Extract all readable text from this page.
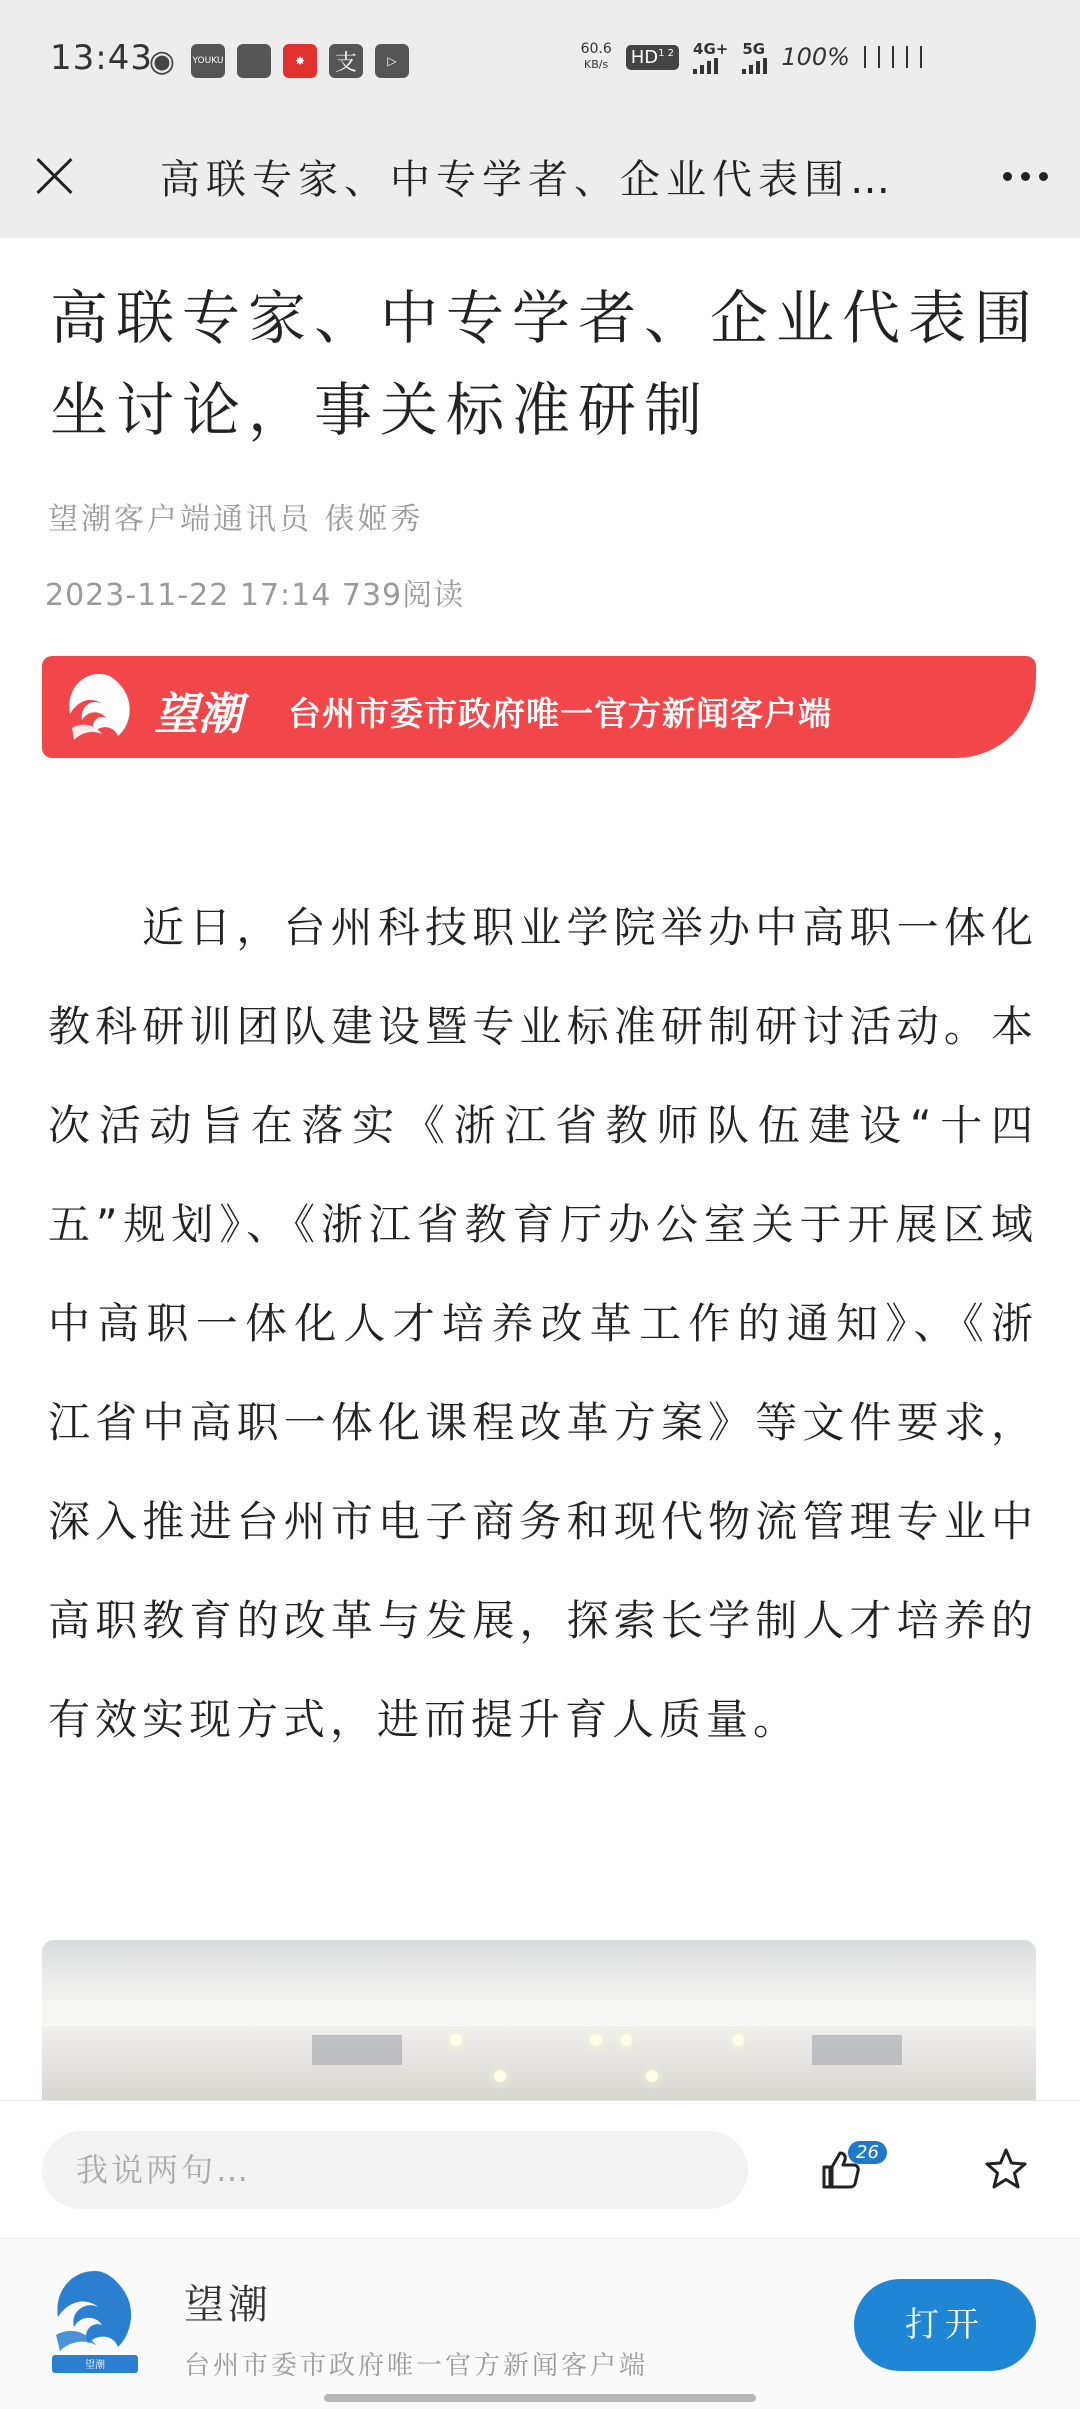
13:43
◉	YOUKU	✸	支	▷
60.6
KB/s $HD^{1 2}$	4G+ 5G 100%
高联专家、中专学者、企业代表围…
高联专家、中专学者、企业代表围坐讨论，事关标准研制
望潮客户端通讯员 俵姬秀
2023-11-22 17:14 739阅读
望潮 台州市委市政府唯一官方新闻客户端

近日，台州科技职业学院举办中高职一体化教科研训团队建设暨专业标准研制研讨活动。本次活动旨在落实《浙江省教师队伍建设“十四五”规划》、《浙江省教育厅办公室关于开展区域中高职一体化人才培养改革工作的通知》、《浙江省中高职一体化课程改革方案》等文件要求，深入推进台州市电子商务和现代物流管理专业中高职教育的改革与发展，探索长学制人才培养的有效实现方式，进而提升育人质量。

我说两句…	26
望潮
望潮
台州市委市政府唯一官方新闻客户端
打开
